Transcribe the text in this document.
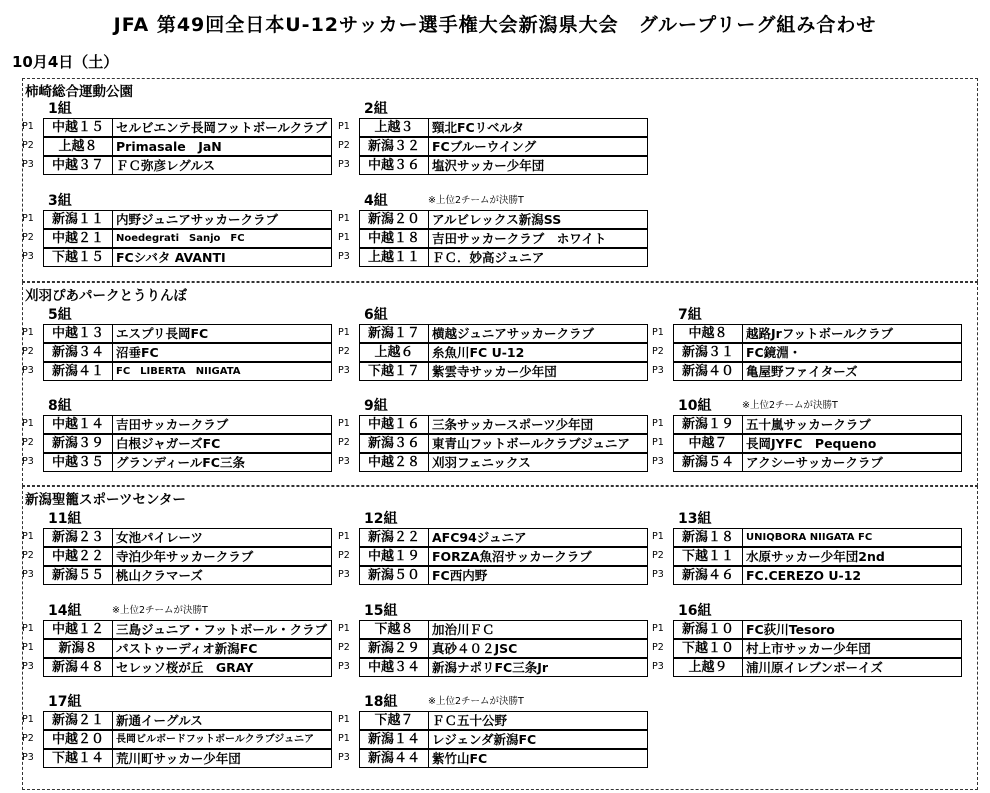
JFA 第49回全日本U-12サッカー選手権大会新潟県大会　グループリーグ組み合わせ
10月4日（土）
柿崎総合運動公園
1組
P1	中越１５ セルビエンテ長岡フットボールクラブ
P2	上越８	Primasale　JaN
P3	中越３７ ＦＣ弥彦レグルス
2組
P1	上越３	頸北FCリベルタ
P2	新潟３２ FCブルーウイング
P3	中越３６ 塩沢サッカー少年団
3組
P1	新潟１１ 内野ジュニアサッカークラブ
P2	中越２１	Noedegrati　Sanjo　FC
P3	下越１５ FCシバタ AVANTI
4組	※上位2チームが決勝T
P1	新潟２０ アルビレックス新潟SS
P1	中越１８ 吉田サッカークラブ　ホワイト
P3	上越１１ ＦＣ．妙高ジュニア
刈羽ぴあパークとうりんぼ
5組
P1	中越１３ エスプリ長岡FC
P2	新潟３４ 沼垂FC
P3	新潟４１	FC　LIBERTA　NIIGATA
6組
P1	新潟１７ 横越ジュニアサッカークラブ
P2	上越６	糸魚川FC U-12
P3	下越１７ 紫雲寺サッカー少年団
7組
P1	中越８	越路Jrフットボールクラブ
P2	新潟３１ FC鏡淵・
P3	新潟４０ 亀屋野ファイターズ
8組
P1	中越１４ 吉田サッカークラブ
P2	新潟３９ 白根ジャガーズFC
P3	中越３５ グランディールFC三条
9組
P1	中越１６ 三条サッカースポーツ少年団
P2	新潟３６ 東青山フットボールクラブジュニア
P3	中越２８ 刈羽フェニックス
10組	※上位2チームが決勝T
P1	新潟１９ 五十嵐サッカークラブ
P1	中越７	長岡JYFC　Pequeno
P3	新潟５４ アクシーサッカークラブ
新潟聖籠スポーツセンター
11組
P1	新潟２３ 女池パイレーツ
P2	中越２２ 寺泊少年サッカークラブ
P3	新潟５５ 桃山クラマーズ
12組
P1	新潟２２ AFC94ジュニア
P2	中越１９ FORZA魚沼サッカークラブ
P3	新潟５０ FC西内野
13組
P1	新潟１８	UNIQBORA NIIGATA FC
P2	下越１１ 水原サッカー少年団2nd
P3	新潟４６ FC.CEREZO U-12
14組	※上位2チームが決勝T
P1	中越１２ 三島ジュニア・フットボール・クラブ
P1	新潟８	パストゥーディオ新潟FC
P3	新潟４８ セレッソ桜が丘　GRAY
15組
P1	下越８	加治川ＦＣ
P2	新潟２９ 真砂４０２JSC
P3	中越３４ 新潟ナポリFC三条Jr
16組
P1	新潟１０ FC荻川Tesoro
P2	下越１０ 村上市サッカー少年団
P3	上越９	浦川原イレブンボーイズ
17組
P1	新潟２１ 新通イーグルス
P2	中越２０	長岡ビルボードフットボールクラブジュニア
P3	下越１４ 荒川町サッカー少年団
18組	※上位2チームが決勝T
P1	下越７	ＦＣ五十公野
P1	新潟１４ レジェンダ新潟FC
P3	新潟４４ 紫竹山FC
